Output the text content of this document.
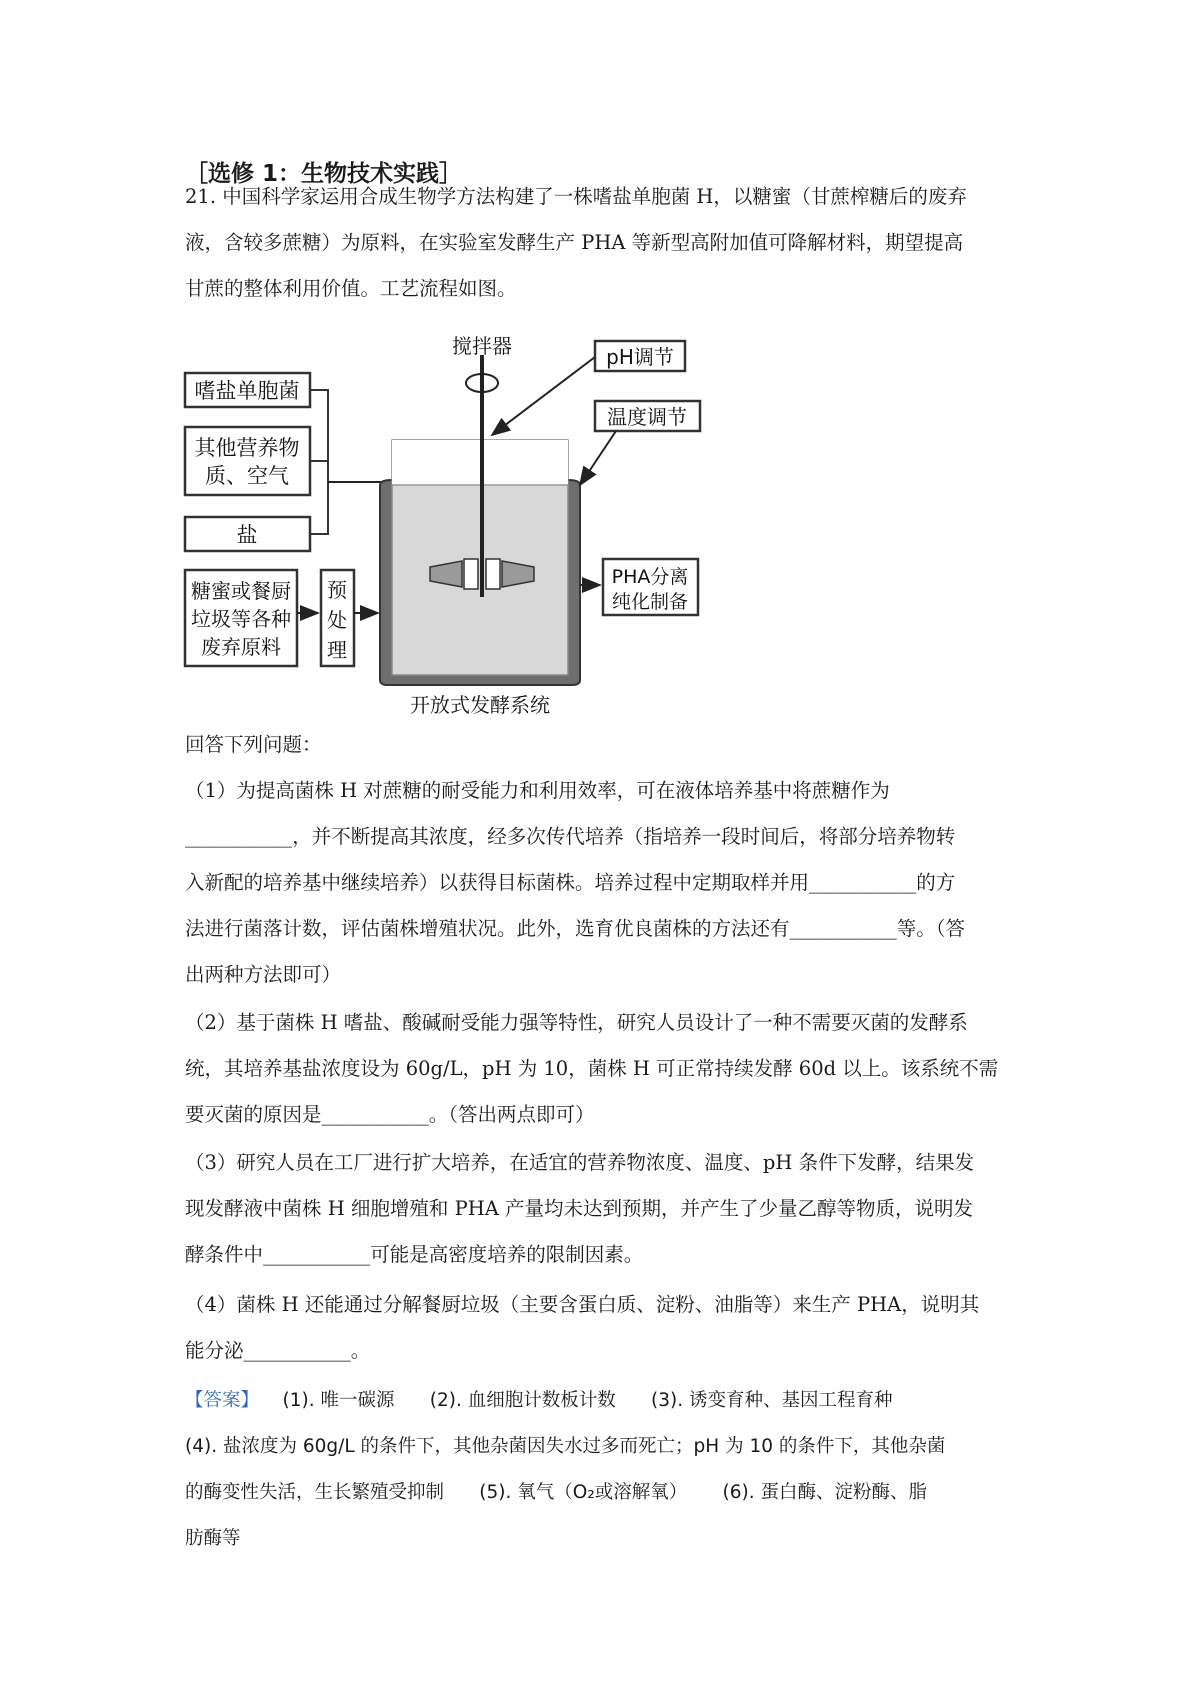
［选修 1：生物技术实践］
21. 中国科学家运用合成生物学方法构建了一株嗜盐单胞菌 H，以糖蜜（甘蔗榨糖后的废弃
液，含较多蔗糖）为原料，在实验室发酵生产 PHA 等新型高附加值可降解材料，期望提高
甘蔗的整体利用价值。工艺流程如图。
嗜盐单胞菌
其他营养物
质、空气
盐
糖蜜或餐厨
垃圾等各种
废弃原料
预
处
理
搅拌器	pH调节
温度调节
PHA分离
纯化制备
开放式发酵系统
回答下列问题：
（1）为提高菌株 H 对蔗糖的耐受能力和利用效率，可在液体培养基中将蔗糖作为
___________，并不断提高其浓度，经多次传代培养（指培养一段时间后，将部分培养物转
入新配的培养基中继续培养）以获得目标菌株。培养过程中定期取样并用___________的方
法进行菌落计数，评估菌株增殖状况。此外，选育优良菌株的方法还有___________等。（答
出两种方法即可）
（2）基于菌株 H 嗜盐、酸碱耐受能力强等特性，研究人员设计了一种不需要灭菌的发酵系
统，其培养基盐浓度设为 60g/L，pH 为 10，菌株 H 可正常持续发酵 60d 以上。该系统不需
要灭菌的原因是___________。（答出两点即可）
（3）研究人员在工厂进行扩大培养，在适宜的营养物浓度、温度、pH 条件下发酵，结果发
现发酵液中菌株 H 细胞增殖和 PHA 产量均未达到预期，并产生了少量乙醇等物质，说明发
酵条件中___________可能是高密度培养的限制因素。
（4）菌株 H 还能通过分解餐厨垃圾（主要含蛋白质、淀粉、油脂等）来生产 PHA，说明其
能分泌___________。
【答案】    (1). 唯一碳源      (2). 血细胞计数板计数      (3). 诱变育种、基因工程育种
(4). 盐浓度为 60g/L 的条件下，其他杂菌因失水过多而死亡；pH 为 10 的条件下，其他杂菌
的酶变性失活，生长繁殖受抑制      (5). 氧气（O₂或溶解氧）      (6). 蛋白酶、淀粉酶、脂
肪酶等
